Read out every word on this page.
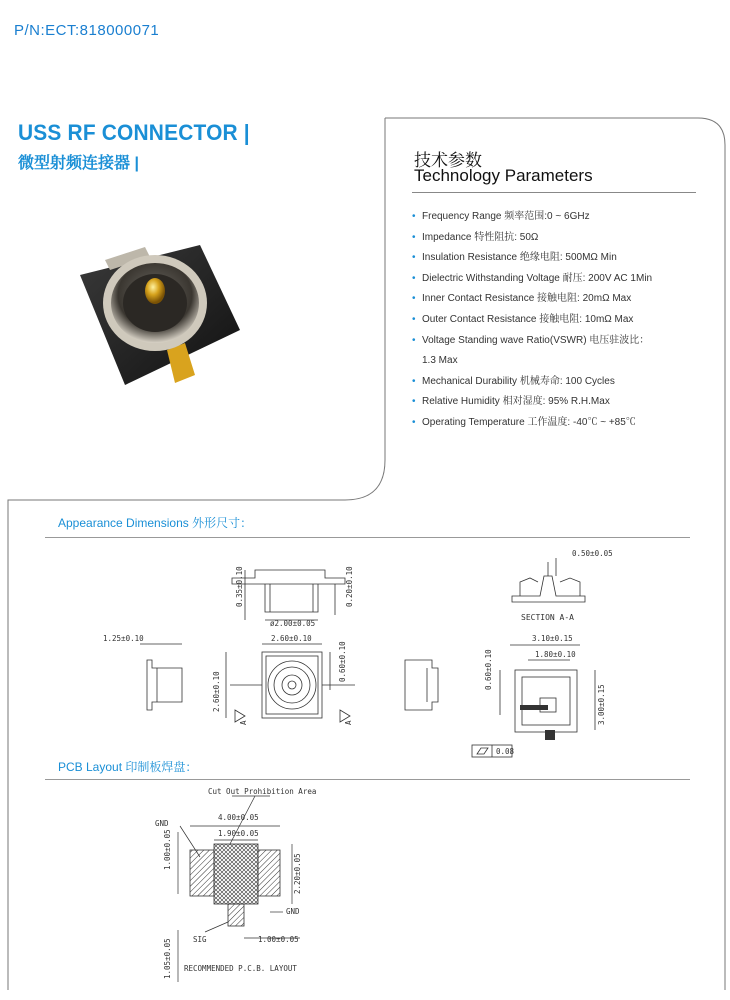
P/N:ECT:818000071
USS RF CONNECTOR |
微型射频连接器 |	技术参数
Technology Parameters
• Frequency Range 频率范围:0 ~ 6GHz
• Impedance 特性阻抗: 50Ω
• Insulation Resistance 绝缘电阻: 500MΩ Min
• Dielectric Withstanding Voltage 耐压: 200V AC 1Min
• Inner Contact Resistance 接触电阻: 20mΩ Max
• Outer Contact Resistance 接触电阻: 10mΩ Max
• Voltage Standing wave Ratio(VSWR) 电压驻波比：
1.3 Max
• Mechanical Durability 机械寿命: 100 Cycles
• Relative Humidity 相对湿度: 95% R.H.Max
• Operating Temperature 工作温度: -40℃ ~ +85℃
Appearance Dimensions 外形尺寸：
0.35±0.10
ø2.00±0.05
0.20±0.10
1.25±0.10	2.60±0.10
0.60±0.10
2.60±0.10
A	A
SECTION A-A
0.50±0.05
3.10±0.15
1.80±0.10
0.60±0.10
3.00±0.15
0.08
PCB Layout 印制板焊盘：
Cut Out Prohibition Area
4.00±0.05
1.90±0.05
GND
1.00±0.05
2.20±0.05
GND
SIG	1.00±0.05
1.05±0.05 RECOMMENDED P.C.B. LAYOUT
